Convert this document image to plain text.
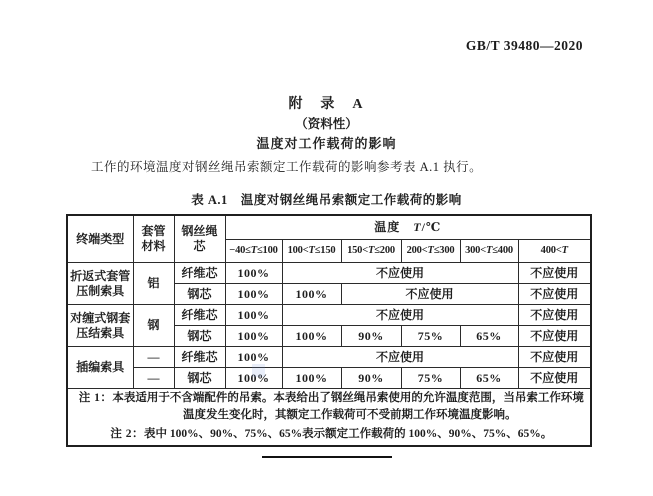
GB/T 39480—2020
附　录　A
（资料性）
温度对工作载荷的影响
工作的环境温度对钢丝绳吊索额定工作载荷的影响参考表 A.1 执行。
表 A.1　温度对钢丝绳吊索额定工作载荷的影响
终端类型	套管
材料	钢丝绳芯	温度　T/℃					
			−40≤T≤100	100<T≤150	150<T≤200	200<T≤300	300<T≤400	400<T
折返式套管
压制索具	铝	纤维芯	100%	不应使用				不应使用
		钢芯	100%	100%	不应使用			不应使用
对缠式钢套
压结索具	钢	纤维芯	100%	不应使用				不应使用
		钢芯	100%	100%	90%	75%	65%	不应使用
插编索具	—	纤维芯	100%	不应使用				不应使用
	—	钢芯	100%	100%	90%	75%	65%	不应使用

注 1：本表适用于不含端配件的吊索。本表给出了钢丝绳吊索使用的允许温度范围，当吊索工作环境温度发生变化时，其额定工作载荷可不受前期工作环境温度影响。
注 2：表中 100%、90%、75%、65%表示额定工作载荷的 100%、90%、75%、65%。								
